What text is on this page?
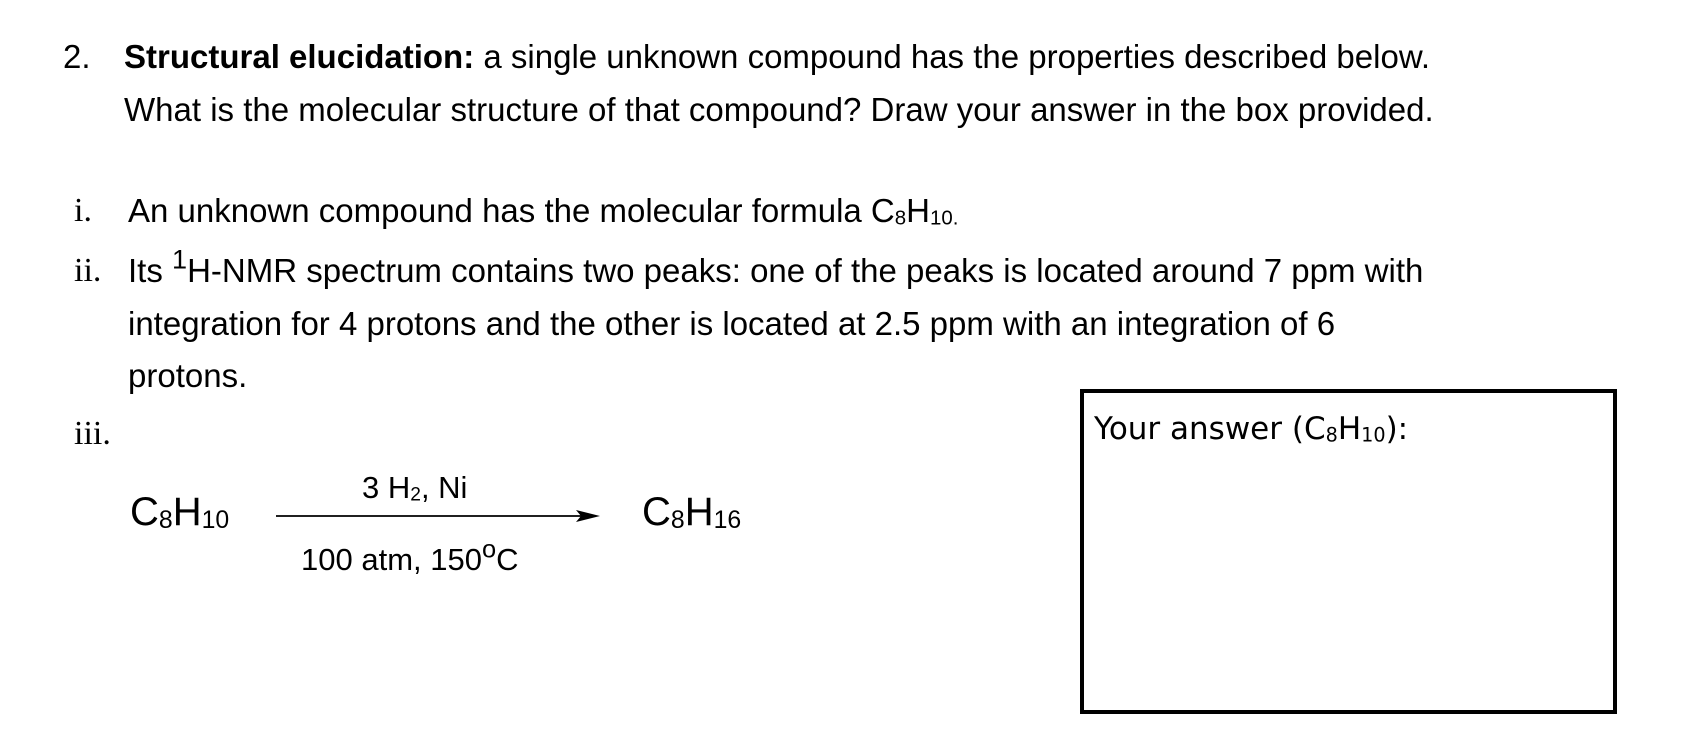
2. Structural elucidation: a single unknown compound has the properties described below.
What is the molecular structure of that compound? Draw your answer in the box provided.
i. An unknown compound has the molecular formula C8H10.
ii. Its $^1$H-NMR spectrum contains two peaks: one of the peaks is located around 7 ppm with
integration for 4 protons and the other is located at 2.5 ppm with an integration of 6
protons.
iii.
C8H10
3 H2, Ni
100 atm, 150$^o$C
C8H16
Your answer (C8H10):
